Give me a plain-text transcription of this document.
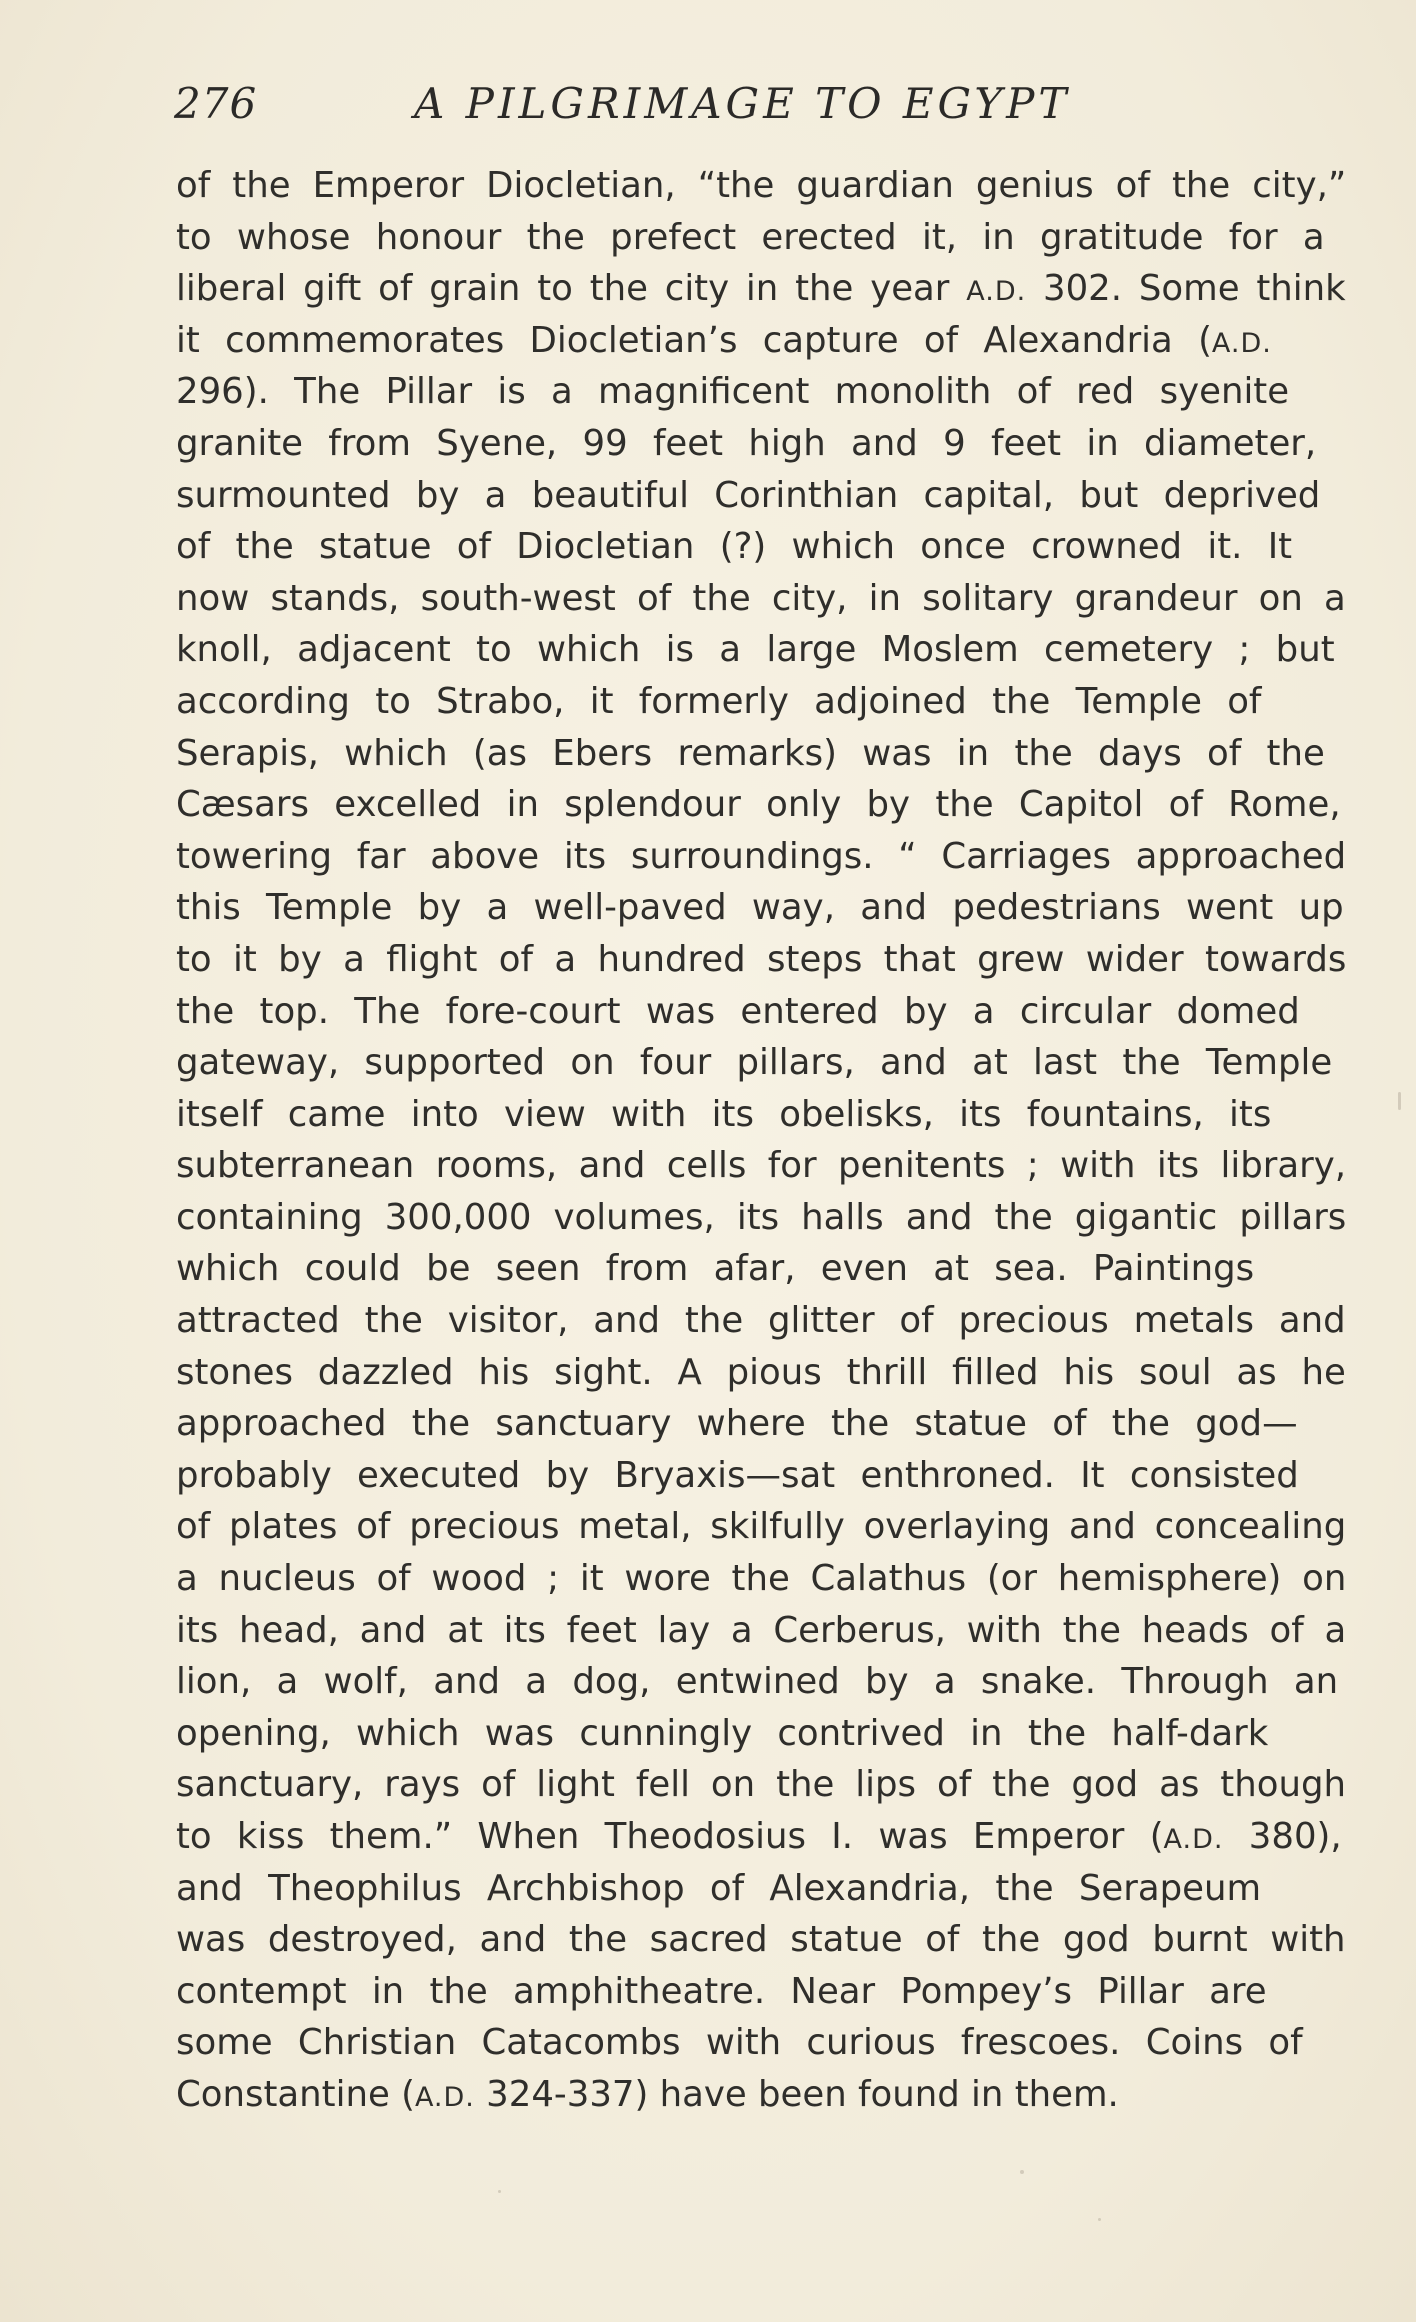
276	A PILGRIMAGE TO EGYPT
of the Emperor Diocletian, “the guardian genius of the city,”
to whose honour the prefect erected it, in gratitude for a
liberal gift of grain to the city in the year A.D. 302. Some think
it commemorates Diocletian’s capture of Alexandria (A.D.
296). The Pillar is a magnificent monolith of red syenite
granite from Syene, 99 feet high and 9 feet in diameter,
surmounted by a beautiful Corinthian capital, but deprived
of the statue of Diocletian (?) which once crowned it. It
now stands, south-west of the city, in solitary grandeur on a
knoll, adjacent to which is a large Moslem cemetery ; but
according to Strabo, it formerly adjoined the Temple of
Serapis, which (as Ebers remarks) was in the days of the
Cæsars excelled in splendour only by the Capitol of Rome,
towering far above its surroundings. “ Carriages approached
this Temple by a well-paved way, and pedestrians went up
to it by a flight of a hundred steps that grew wider towards
the top. The fore-court was entered by a circular domed
gateway, supported on four pillars, and at last the Temple
itself came into view with its obelisks, its fountains, its
subterranean rooms, and cells for penitents ; with its library,
containing 300,000 volumes, its halls and the gigantic pillars
which could be seen from afar, even at sea. Paintings
attracted the visitor, and the glitter of precious metals and
stones dazzled his sight. A pious thrill filled his soul as he
approached the sanctuary where the statue of the god—
probably executed by Bryaxis—sat enthroned. It consisted
of plates of precious metal, skilfully overlaying and concealing
a nucleus of wood ; it wore the Calathus (or hemisphere) on
its head, and at its feet lay a Cerberus, with the heads of a
lion, a wolf, and a dog, entwined by a snake. Through an
opening, which was cunningly contrived in the half-dark
sanctuary, rays of light fell on the lips of the god as though
to kiss them.” When Theodosius I. was Emperor (A.D. 380),
and Theophilus Archbishop of Alexandria, the Serapeum
was destroyed, and the sacred statue of the god burnt with
contempt in the amphitheatre. Near Pompey’s Pillar are
some Christian Catacombs with curious frescoes. Coins of
Constantine (A.D. 324-337) have been found in them.
